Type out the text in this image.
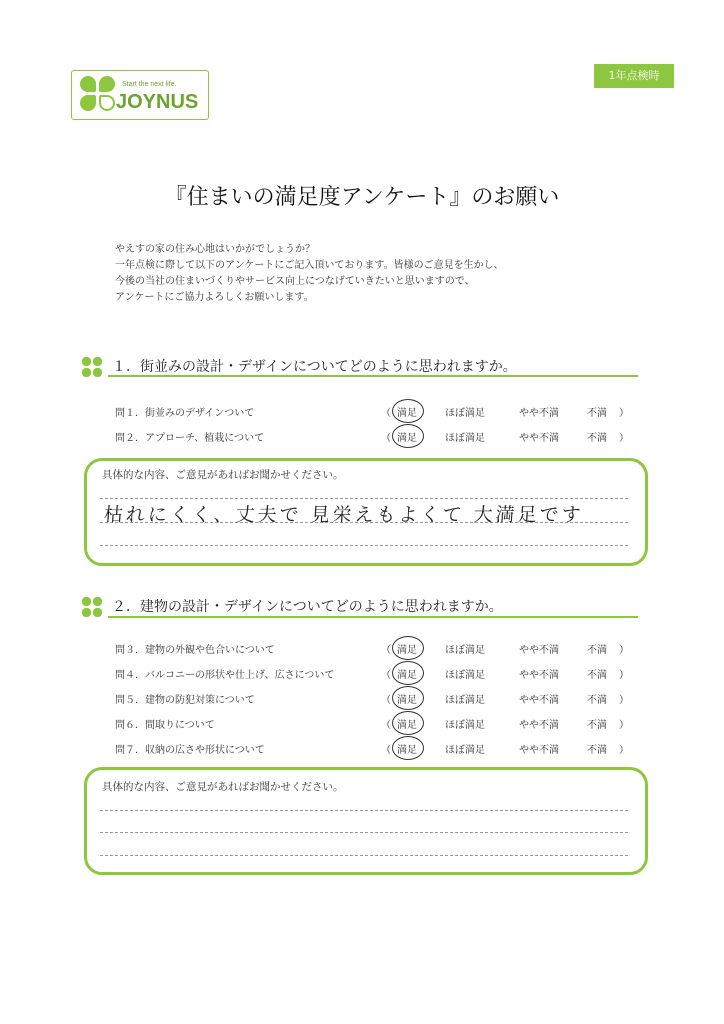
Start the next life.
JOYNUS
1年点検時
『住まいの満足度アンケート』のお願い
やえすの家の住み心地はいかがでしょうか？
一年点検に際して以下のアンケートにご記入頂いております。皆様のご意見を生かし、
今後の当社の住まいづくりやサービス向上につなげていきたいと思いますので、
アンケートにご協力よろしくお願いします。
１．街並みの設計・デザインについてどのように思われますか。
問１．街並みのデザインついて	（ 満足	ほぼ満足	やや不満	不満 ）
問２．アプローチ、植栽について	（ 満足	ほぼ満足	やや不満	不満 ）
具体的な内容、ご意見があればお聞かせください。
枯れにくく、丈夫で 見栄えもよくて 大満足です
２．建物の設計・デザインについてどのように思われますか。
問３．建物の外観や色合いについて	（ 満足	ほぼ満足	やや不満	不満 ）
問４．バルコニーの形状や仕上げ、広さについて	（ 満足	ほぼ満足	やや不満	不満 ）
問５．建物の防犯対策について	（ 満足	ほぼ満足	やや不満	不満 ）
問６．間取りについて	（ 満足	ほぼ満足	やや不満	不満 ）
問７．収納の広さや形状について	（ 満足	ほぼ満足	やや不満	不満 ）
具体的な内容、ご意見があればお聞かせください。
